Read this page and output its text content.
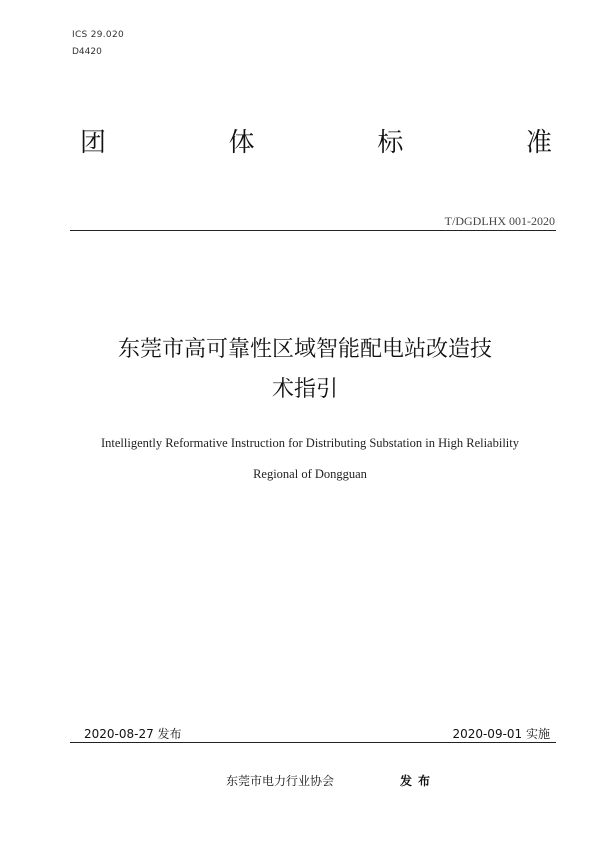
ICS 29.020
D4420
团	体	标	准
T/DGDLHX 001-2020
东莞市高可靠性区域智能配电站改造技
术指引
Intelligently Reformative Instruction for Distributing Substation in High Reliability
Regional of Dongguan
2020-08-27 发布	2020-09-01 实施
东莞市电力行业协会	发布
